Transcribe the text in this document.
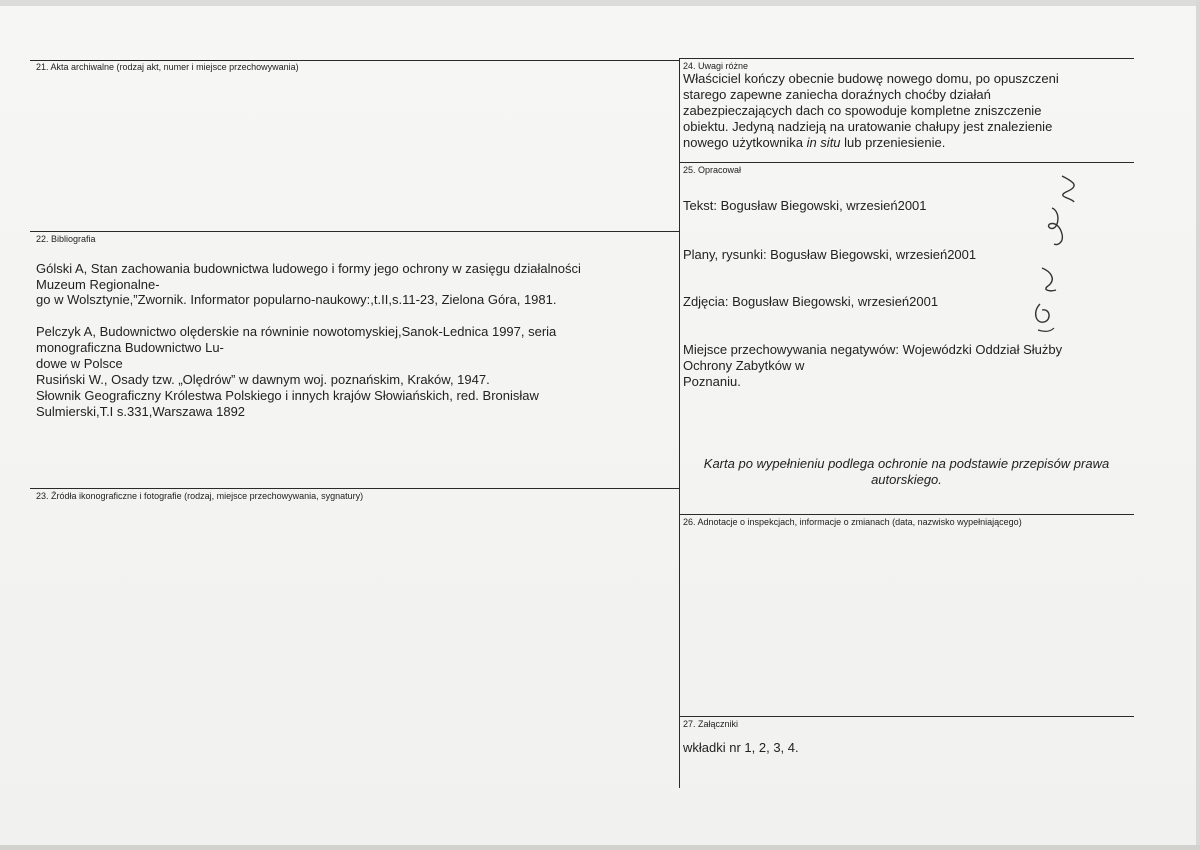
21. Akta archiwalne (rodzaj akt, numer i miejsce przechowywania)
22. Bibliografia
Gólski A, Stan zachowania budownictwa ludowego i formy jego ochrony w zasięgu działalności
Muzeum Regionalne-
go w Wolsztynie,”Zwornik. Informator popularno-naukowy:,t.II,s.11-23, Zielona Góra, 1981.
Pelczyk A, Budownictwo olęderskie na równinie nowotomyskiej,Sanok-Lednica 1997, seria
monograficzna Budownictwo Lu-
dowe w Polsce
Rusiński W., Osady tzw. „Olędrów” w dawnym woj. poznańskim, Kraków, 1947.
Słownik Geograficzny Królestwa Polskiego i innych krajów Słowiańskich, red. Bronisław
Sulmierski,T.I s.331,Warszawa 1892
23. Źródła ikonograficzne i fotografie (rodzaj, miejsce przechowywania, sygnatury)
24. Uwagi różne
Właściciel kończy obecnie budowę nowego domu, po opuszczeni
starego zapewne zaniecha doraźnych choćby działań
zabezpieczających dach co spowoduje kompletne zniszczenie
obiektu. Jedyną nadzieją na uratowanie chałupy jest znalezienie
nowego użytkownika in situ lub przeniesienie.
25. Opracował
Tekst: Bogusław Biegowski, wrzesień2001
Plany, rysunki: Bogusław Biegowski, wrzesień2001
Zdjęcia: Bogusław Biegowski, wrzesień2001
Miejsce przechowywania negatywów: Wojewódzki Oddział Służby
Ochrony Zabytków w
Poznaniu.
Karta po wypełnieniu podlega ochronie na podstawie przepisów prawa
autorskiego.
26. Adnotacje o inspekcjach, informacje o zmianach (data, nazwisko wypełniającego)
27. Załączniki
wkładki nr 1, 2, 3, 4.
